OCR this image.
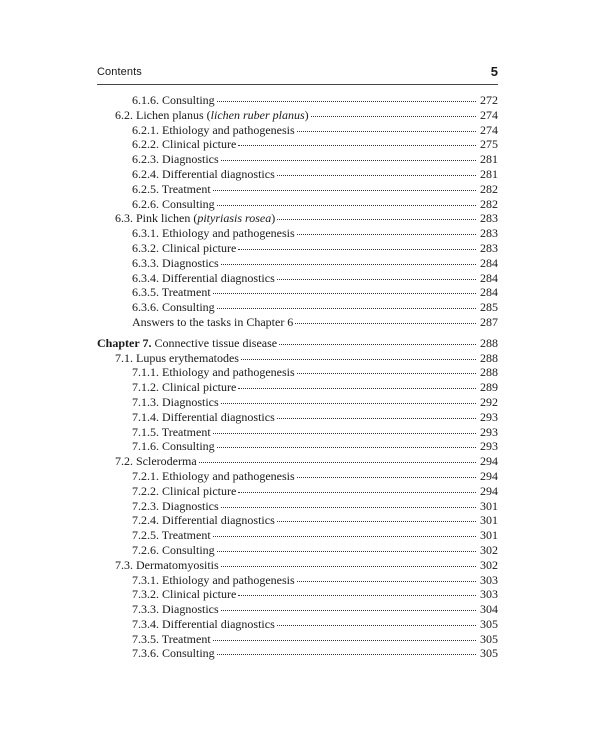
Contents	5
6.1.6. Consulting	272
6.2. Lichen planus (lichen ruber planus)	274
6.2.1. Ethiology and pathogenesis	274
6.2.2. Clinical picture	275
6.2.3. Diagnostics	281
6.2.4. Differential diagnostics	281
6.2.5. Treatment	282
6.2.6. Consulting	282
6.3. Pink lichen (pityriasis rosea)	283
6.3.1. Ethiology and pathogenesis	283
6.3.2. Clinical picture	283
6.3.3. Diagnostics	284
6.3.4. Differential diagnostics	284
6.3.5. Treatment	284
6.3.6. Consulting	285
Answers to the tasks in Chapter 6	287
Chapter 7. Connective tissue disease	288
7.1. Lupus erythematodes	288
7.1.1. Ethiology and pathogenesis	288
7.1.2. Clinical picture	289
7.1.3. Diagnostics	292
7.1.4. Differential diagnostics	293
7.1.5. Treatment	293
7.1.6. Consulting	293
7.2. Scleroderma	294
7.2.1. Ethiology and pathogenesis	294
7.2.2. Clinical picture	294
7.2.3. Diagnostics	301
7.2.4. Differential diagnostics	301
7.2.5. Treatment	301
7.2.6. Consulting	302
7.3. Dermatomyositis	302
7.3.1. Ethiology and pathogenesis	303
7.3.2. Clinical picture	303
7.3.3. Diagnostics	304
7.3.4. Differential diagnostics	305
7.3.5. Treatment	305
7.3.6. Consulting	305
